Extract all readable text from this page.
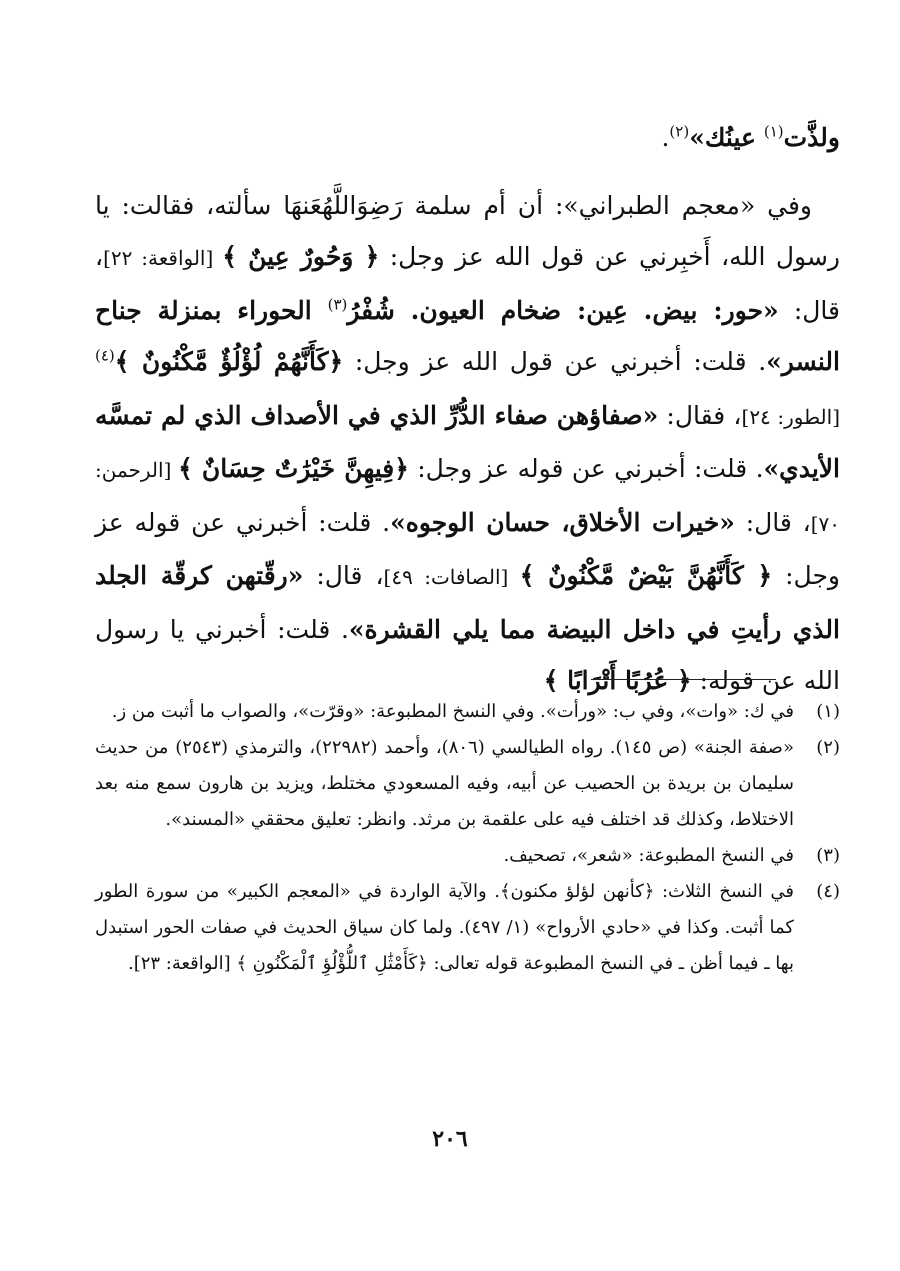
ولذَّت$^{(١)}$ عينُك»$^{(٢)}$.

وفي «معجم الطبراني»: أن أم سلمة رَضِوَاللَّهُعَنهَا سألته، فقالت: يا رسول الله، أَخبِرني عن قول الله عز وجل: ﴿ وَحُورٌ عِينٌ ﴾ [الواقعة: ٢٢]، قال: «حور: بيض. عِين: ضخام العيون. شُفْرُ$^{(٣)}$ الحوراء بمنزلة جناح النسر». قلت: أخبرني عن قول الله عز وجل: ﴿كَأَنَّهُمْ لُؤْلُؤٌ مَّكْنُونٌ ﴾$^{(٤)}$ [الطور: ٢٤]، فقال: «صفاؤهن صفاء الدُّرِّ الذي في الأصداف الذي لم تمسَّه الأيدي». قلت: أخبرني عن قوله عز وجل: ﴿فِيهِنَّ خَيْرَٰتٌ حِسَانٌ ﴾ [الرحمن: ٧٠]، قال: «خيرات الأخلاق، حسان الوجوه». قلت: أخبرني عن قوله عز وجل: ﴿ كَأَنَّهُنَّ بَيْضٌ مَّكْنُونٌ ﴾ [الصافات: ٤٩]، قال: «رقّتهن كرقّة الجلد الذي رأيتِ في داخل البيضة مما يلي القشرة». قلت: أخبرني يا رسول الله عن قوله: ﴿ عُرُبًا أَتْرَابًا ﴾

(١)
في ك: «وات»، وفي ب: «ورأت». وفي النسخ المطبوعة: «وقرّت»، والصواب ما أثبت من ز.
(٢)
«صفة الجنة» (ص ١٤٥). رواه الطيالسي (٨٠٦)، وأحمد (٢٢٩٨٢)، والترمذي (٢٥٤٣) من حديث سليمان بن بريدة بن الحصيب عن أبيه، وفيه المسعودي مختلط، ويزيد بن هارون سمع منه بعد الاختلاط، وكذلك قد اختلف فيه على علقمة بن مرثد. وانظر: تعليق محققي «المسند».
(٣)
في النسخ المطبوعة: «شعر»، تصحيف.
(٤)
في النسخ الثلاث: ﴿كأنهن لؤلؤ مكنون﴾. والآية الواردة في «المعجم الكبير» من سورة الطور كما أثبت. وكذا في «حادي الأرواح» (١/ ٤٩٧). ولما كان سياق الحديث في صفات الحور استبدل بها ـ فيما أظن ـ في النسخ المطبوعة قوله تعالى: ﴿كَأَمْثَٰلِ ٱللُّؤْلُؤِ ٱلْمَكْنُونِ ﴾ [الواقعة: ٢٣].
٢٠٦
